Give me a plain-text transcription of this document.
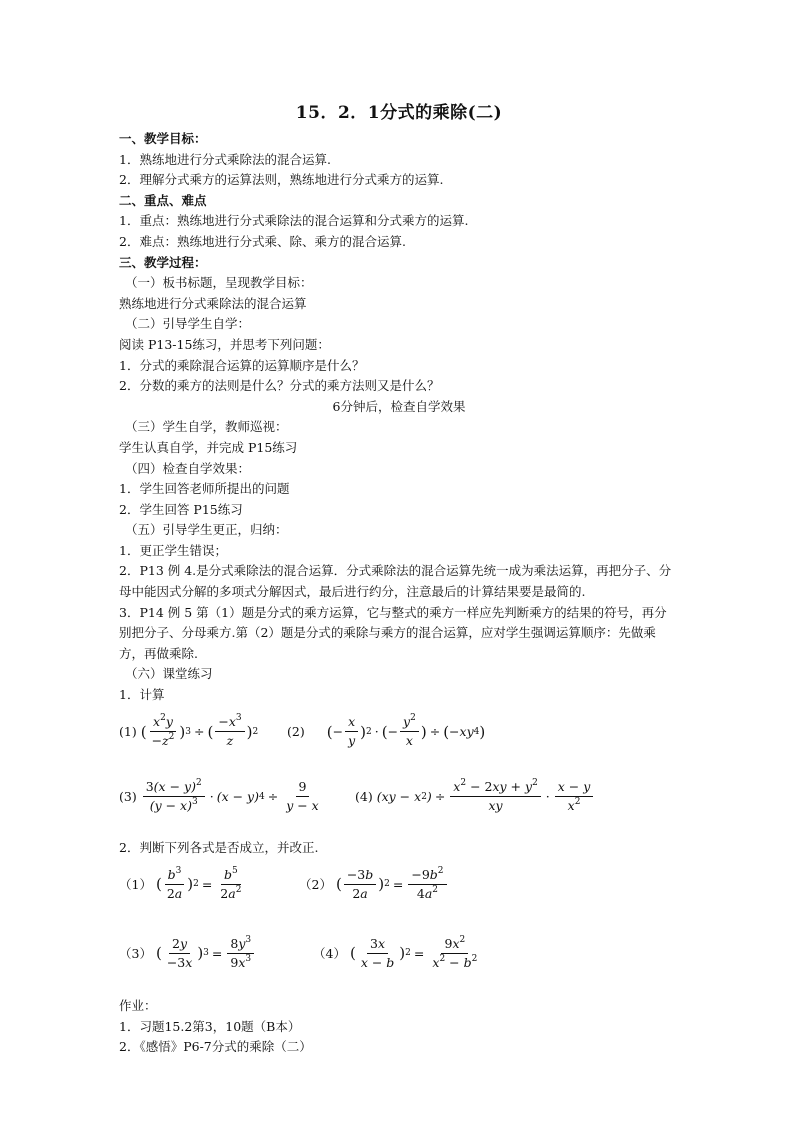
15．2．1分式的乘除(二)
一、教学目标：
1．熟练地进行分式乘除法的混合运算.
2．理解分式乘方的运算法则，熟练地进行分式乘方的运算.
二、重点、难点
1．重点：熟练地进行分式乘除法的混合运算和分式乘方的运算.
2．难点：熟练地进行分式乘、除、乘方的混合运算.
三、教学过程：
（一）板书标题，呈现教学目标：
熟练地进行分式乘除法的混合运算
（二）引导学生自学：
阅读 P13-15练习，并思考下列问题：
1．分式的乘除混合运算的运算顺序是什么？
2．分数的乘方的法则是什么？分式的乘方法则又是什么？
6分钟后，检查自学效果
（三）学生自学，教师巡视：
学生认真自学，并完成 P15练习
（四）检查自学效果：
1．学生回答老师所提出的问题
2．学生回答 P15练习
（五）引导学生更正，归纳：
1．更正学生错误；
2．P13 例 4.是分式乘除法的混合运算．分式乘除法的混合运算先统一成为乘法运算，再把分子、分母中能因式分解的多项式分解因式，最后进行约分，注意最后的计算结果要是最简的.
3．P14 例 5 第（1）题是分式的乘方运算，它与整式的乘方一样应先判断乘方的结果的符号，再分别把分子、分母乘方.第（2）题是分式的乘除与乘方的混合运算，应对学生强调运算顺序：先做乘方，再做乘除.
（六）课堂练习
1．计算
(1) ( $\frac{x^2y}{-z^2}$ ) 3 ÷ ( $\frac{-x^3}{z}$ ) 2 (2) ( − $\frac{x}{y}$ ) 2 · ( − $\frac{y^2}{x}$ ) ÷ ( − xy 4 )
$(3) \frac{3(x - y)^2}{(y - x)^3} \cdot (x - y) 4 \div \frac{9}{y - x}$	(4) (xy − x 2 ) ÷ $\frac{x^2 - 2xy + y^2}{xy} \cdot \frac{x - y}{x^2}$
2．判断下列各式是否成立，并改正.
（1） ( $\frac{b^3}{2a}$ ) $2 = \frac{b^5}{2a^2}$	（2） ( $\frac{-3b}{2a}$ ) $2 = \frac{-9b^2}{4a^2}$
（3） ( $\frac{2y}{-3x}$ ) $3 = \frac{8y^3}{9x^3}$	（4） ( $\frac{3x}{x - b}$ ) $2 = \frac{9x^2}{x^2 - b^2}$
作业：
1．习题15.2第3，10题（B本）
2．《感悟》P6-7分式的乘除（二）
